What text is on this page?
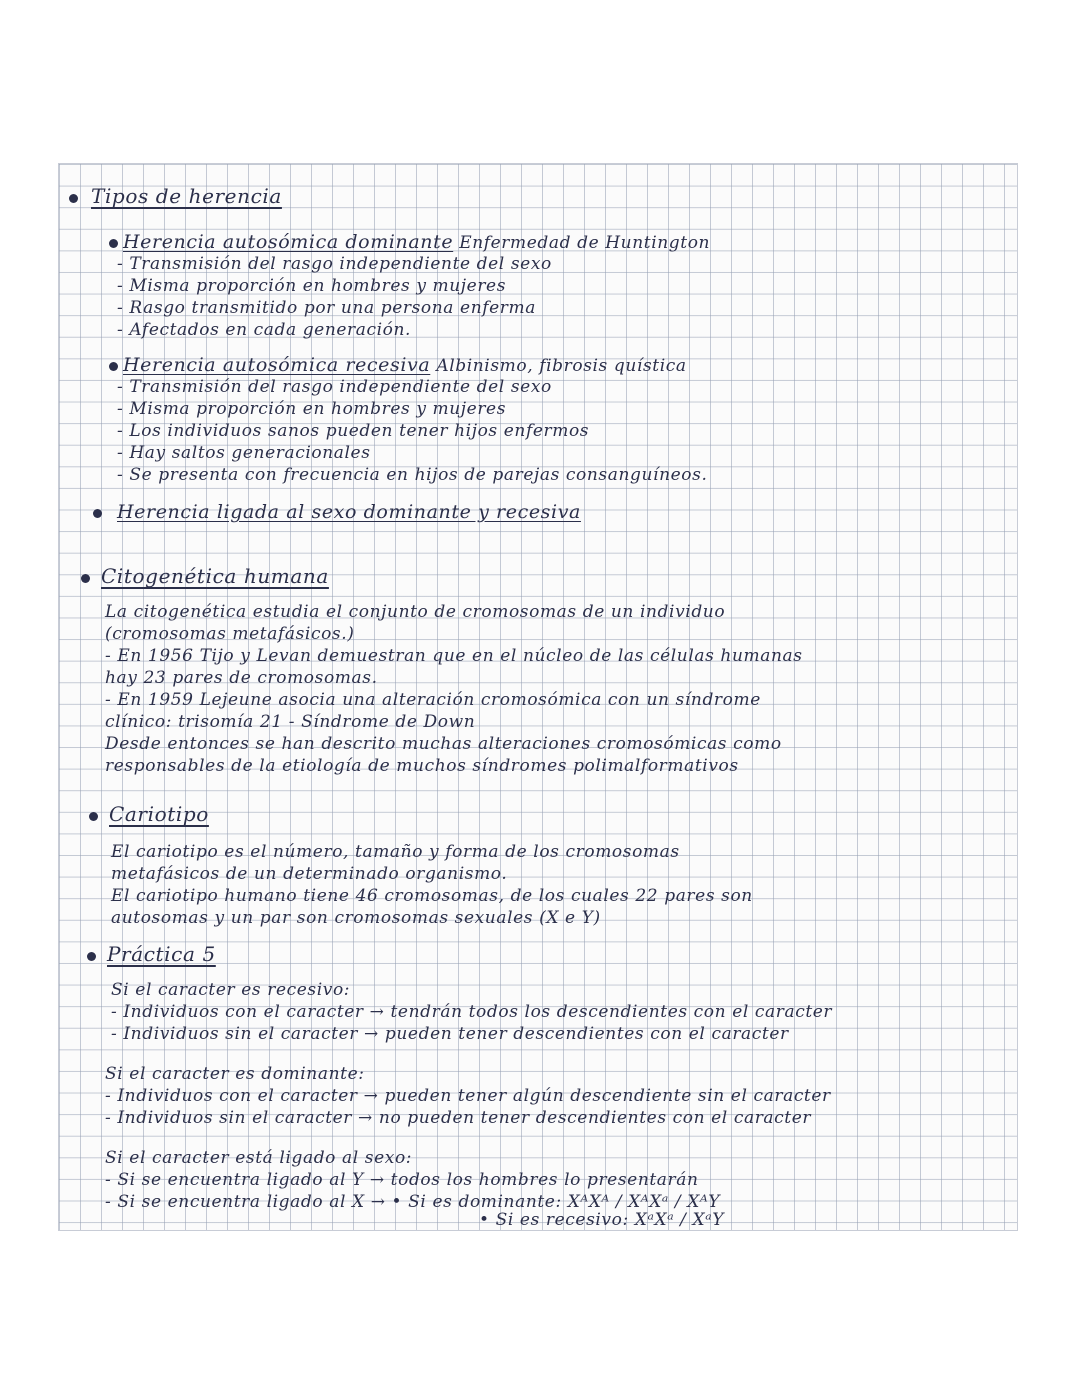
Tipos de herencia
Herencia autosómica dominante Enfermedad de Huntington
- Transmisión del rasgo independiente del sexo
- Misma proporción en hombres y mujeres
- Rasgo transmitido por una persona enferma
- Afectados en cada generación.
Herencia autosómica recesiva Albinismo, fibrosis quística
- Transmisión del rasgo independiente del sexo
- Misma proporción en hombres y mujeres
- Los individuos sanos pueden tener hijos enfermos
- Hay saltos generacionales
- Se presenta con frecuencia en hijos de parejas consanguíneos.
Herencia ligada al sexo dominante y recesiva
Citogenética humana
La citogenética estudia el conjunto de cromosomas de un individuo
(cromosomas metafásicos.)
- En 1956 Tijo y Levan demuestran que en el núcleo de las células humanas
hay 23 pares de cromosomas.
- En 1959 Lejeune asocia una alteración cromosómica con un síndrome
clínico: trisomía 21 - Síndrome de Down
Desde entonces se han descrito muchas alteraciones cromosómicas como
responsables de la etiología de muchos síndromes polimalformativos
Cariotipo
El cariotipo es el número, tamaño y forma de los cromosomas
metafásicos de un determinado organismo.
El cariotipo humano tiene 46 cromosomas, de los cuales 22 pares son
autosomas y un par son cromosomas sexuales (X e Y)
Práctica 5
Si el caracter es recesivo:
- Individuos con el caracter → tendrán todos los descendientes con el caracter
- Individuos sin el caracter → pueden tener descendientes con el caracter
Si el caracter es dominante:
- Individuos con el caracter → pueden tener algún descendiente sin el caracter
- Individuos sin el caracter → no pueden tener descendientes con el caracter
Si el caracter está ligado al sexo:
- Si se encuentra ligado al Y → todos los hombres lo presentarán
- Si se encuentra ligado al X → • Si es dominante: XᴬXᴬ / XᴬXᵃ / XᴬY
• Si es recesivo: XᵃXᵃ / XᵃY
